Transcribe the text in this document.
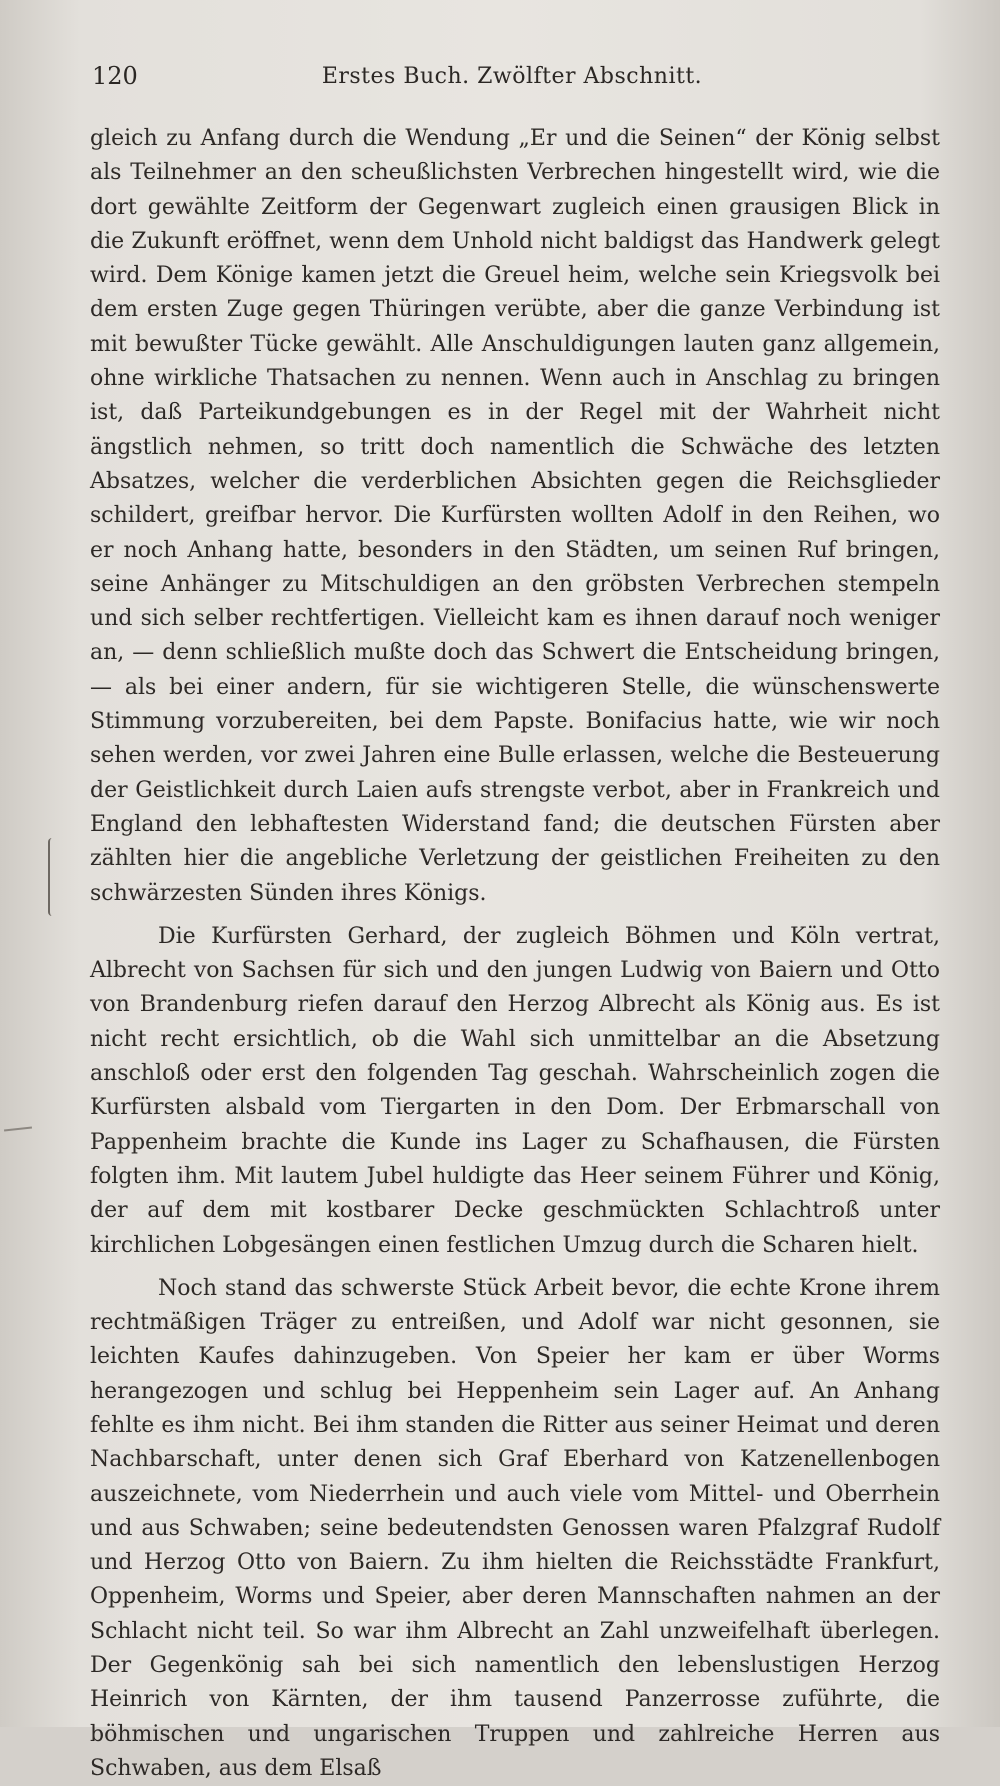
120	Erstes Buch. Zwölfter Abschnitt.

gleich zu Anfang durch die Wendung „Er und die Seinen“ der König selbst als Teilnehmer an den scheußlichsten Verbrechen hingestellt wird, wie die dort gewählte Zeitform der Gegenwart zugleich einen grausigen Blick in die Zukunft eröffnet, wenn dem Unhold nicht baldigst das Handwerk gelegt wird. Dem Könige kamen jetzt die Greuel heim, welche sein Kriegsvolk bei dem ersten Zuge gegen Thüringen verübte, aber die ganze Verbindung ist mit bewußter Tücke gewählt. Alle Anschuldigungen lauten ganz allgemein, ohne wirkliche Thatsachen zu nennen. Wenn auch in Anschlag zu bringen ist, daß Parteikundgebungen es in der Regel mit der Wahrheit nicht ängstlich nehmen, so tritt doch namentlich die Schwäche des letzten Absatzes, welcher die verderblichen Absichten gegen die Reichsglieder schildert, greifbar hervor. Die Kurfürsten wollten Adolf in den Reihen, wo er noch Anhang hatte, besonders in den Städten, um seinen Ruf bringen, seine Anhänger zu Mitschuldigen an den gröbsten Verbrechen stempeln und sich selber rechtfertigen. Vielleicht kam es ihnen darauf noch weniger an, — denn schließlich mußte doch das Schwert die Entscheidung bringen, — als bei einer andern, für sie wichtigeren Stelle, die wünschenswerte Stimmung vorzubereiten, bei dem Papste. Bonifacius hatte, wie wir noch sehen werden, vor zwei Jahren eine Bulle erlassen, welche die Besteuerung der Geistlichkeit durch Laien aufs strengste verbot, aber in Frankreich und England den lebhaftesten Widerstand fand; die deutschen Fürsten aber zählten hier die angebliche Verletzung der geistlichen Freiheiten zu den schwärzesten Sünden ihres Königs.

Die Kurfürsten Gerhard, der zugleich Böhmen und Köln vertrat, Albrecht von Sachsen für sich und den jungen Ludwig von Baiern und Otto von Brandenburg riefen darauf den Herzog Albrecht als König aus. Es ist nicht recht ersichtlich, ob die Wahl sich unmittelbar an die Absetzung anschloß oder erst den folgenden Tag geschah. Wahrscheinlich zogen die Kurfürsten alsbald vom Tiergarten in den Dom. Der Erbmarschall von Pappenheim brachte die Kunde ins Lager zu Schafhausen, die Fürsten folgten ihm. Mit lautem Jubel huldigte das Heer seinem Führer und König, der auf dem mit kostbarer Decke geschmückten Schlachtroß unter kirchlichen Lobgesängen einen festlichen Umzug durch die Scharen hielt.

Noch stand das schwerste Stück Arbeit bevor, die echte Krone ihrem rechtmäßigen Träger zu entreißen, und Adolf war nicht gesonnen, sie leichten Kaufes dahinzugeben. Von Speier her kam er über Worms herangezogen und schlug bei Heppenheim sein Lager auf. An Anhang fehlte es ihm nicht. Bei ihm standen die Ritter aus seiner Heimat und deren Nachbarschaft, unter denen sich Graf Eberhard von Katzenellenbogen auszeichnete, vom Niederrhein und auch viele vom Mittel- und Oberrhein und aus Schwaben; seine bedeutendsten Genossen waren Pfalzgraf Rudolf und Herzog Otto von Baiern. Zu ihm hielten die Reichsstädte Frankfurt, Oppenheim, Worms und Speier, aber deren Mannschaften nahmen an der Schlacht nicht teil. So war ihm Albrecht an Zahl unzweifelhaft überlegen. Der Gegenkönig sah bei sich namentlich den lebenslustigen Herzog Heinrich von Kärnten, der ihm tausend Panzerrosse zuführte, die böhmischen und ungarischen Truppen und zahlreiche Herren aus Schwaben, aus dem Elsaß
